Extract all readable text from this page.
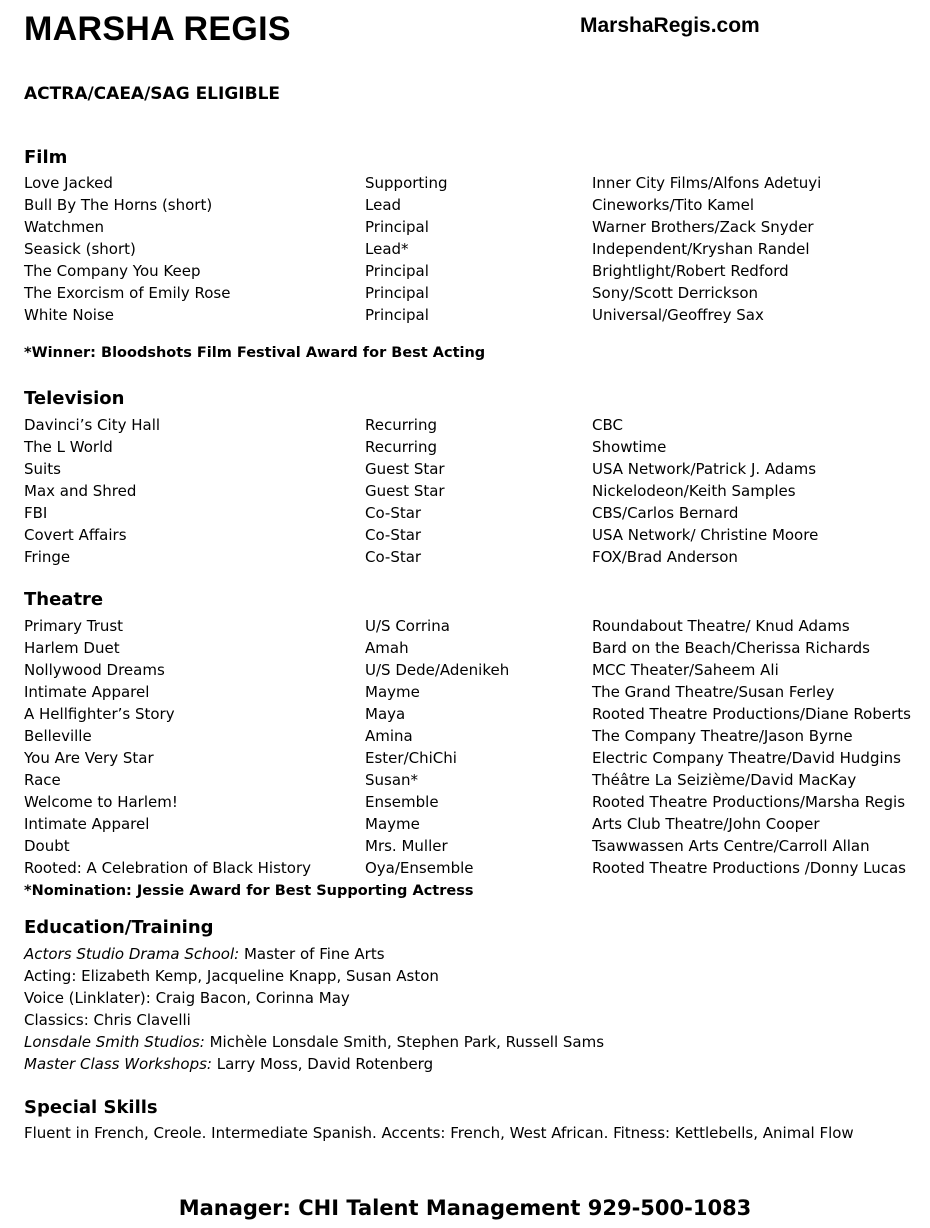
MARSHA REGIS	MarshaRegis.com
ACTRA/CAEA/SAG ELIGIBLE
Film
Love Jacked	Supporting	Inner City Films/Alfons Adetuyi
Bull By The Horns (short)	Lead	Cineworks/Tito Kamel
Watchmen	Principal	Warner Brothers/Zack Snyder
Seasick (short)	Lead*	Independent/Kryshan Randel
The Company You Keep	Principal	Brightlight/Robert Redford
The Exorcism of Emily Rose	Principal	Sony/Scott Derrickson
White Noise	Principal	Universal/Geoffrey Sax
*Winner: Bloodshots Film Festival Award for Best Acting
Television
Davinci’s City Hall	Recurring	CBC
The L World	Recurring	Showtime
Suits	Guest Star	USA Network/Patrick J. Adams
Max and Shred	Guest Star	Nickelodeon/Keith Samples
FBI	Co-Star	CBS/Carlos Bernard
Covert Affairs	Co-Star	USA Network/ Christine Moore
Fringe	Co-Star	FOX/Brad Anderson
Theatre
Primary Trust	U/S Corrina	Roundabout Theatre/ Knud Adams
Harlem Duet	Amah	Bard on the Beach/Cherissa Richards
Nollywood Dreams	U/S Dede/Adenikeh	MCC Theater/Saheem Ali
Intimate Apparel	Mayme	The Grand Theatre/Susan Ferley
A Hellfighter’s Story	Maya	Rooted Theatre Productions/Diane Roberts
Belleville	Amina	The Company Theatre/Jason Byrne
You Are Very Star	Ester/ChiChi	Electric Company Theatre/David Hudgins
Race	Susan*	Théâtre La Seizième/David MacKay
Welcome to Harlem!	Ensemble	Rooted Theatre Productions/Marsha Regis
Intimate Apparel	Mayme	Arts Club Theatre/John Cooper
Doubt	Mrs. Muller	Tsawwassen Arts Centre/Carroll Allan
Rooted: A Celebration of Black History	Oya/Ensemble	Rooted Theatre Productions /Donny Lucas
*Nomination: Jessie Award for Best Supporting Actress
Education/Training
Actors Studio Drama School: Master of Fine Arts
Acting: Elizabeth Kemp, Jacqueline Knapp, Susan Aston
Voice (Linklater): Craig Bacon, Corinna May
Classics: Chris Clavelli
Lonsdale Smith Studios: Michèle Lonsdale Smith, Stephen Park, Russell Sams
Master Class Workshops: Larry Moss, David Rotenberg
Special Skills
Fluent in French, Creole. Intermediate Spanish. Accents: French, West African. Fitness: Kettlebells, Animal Flow
Manager: CHI Talent Management 929-500-1083
